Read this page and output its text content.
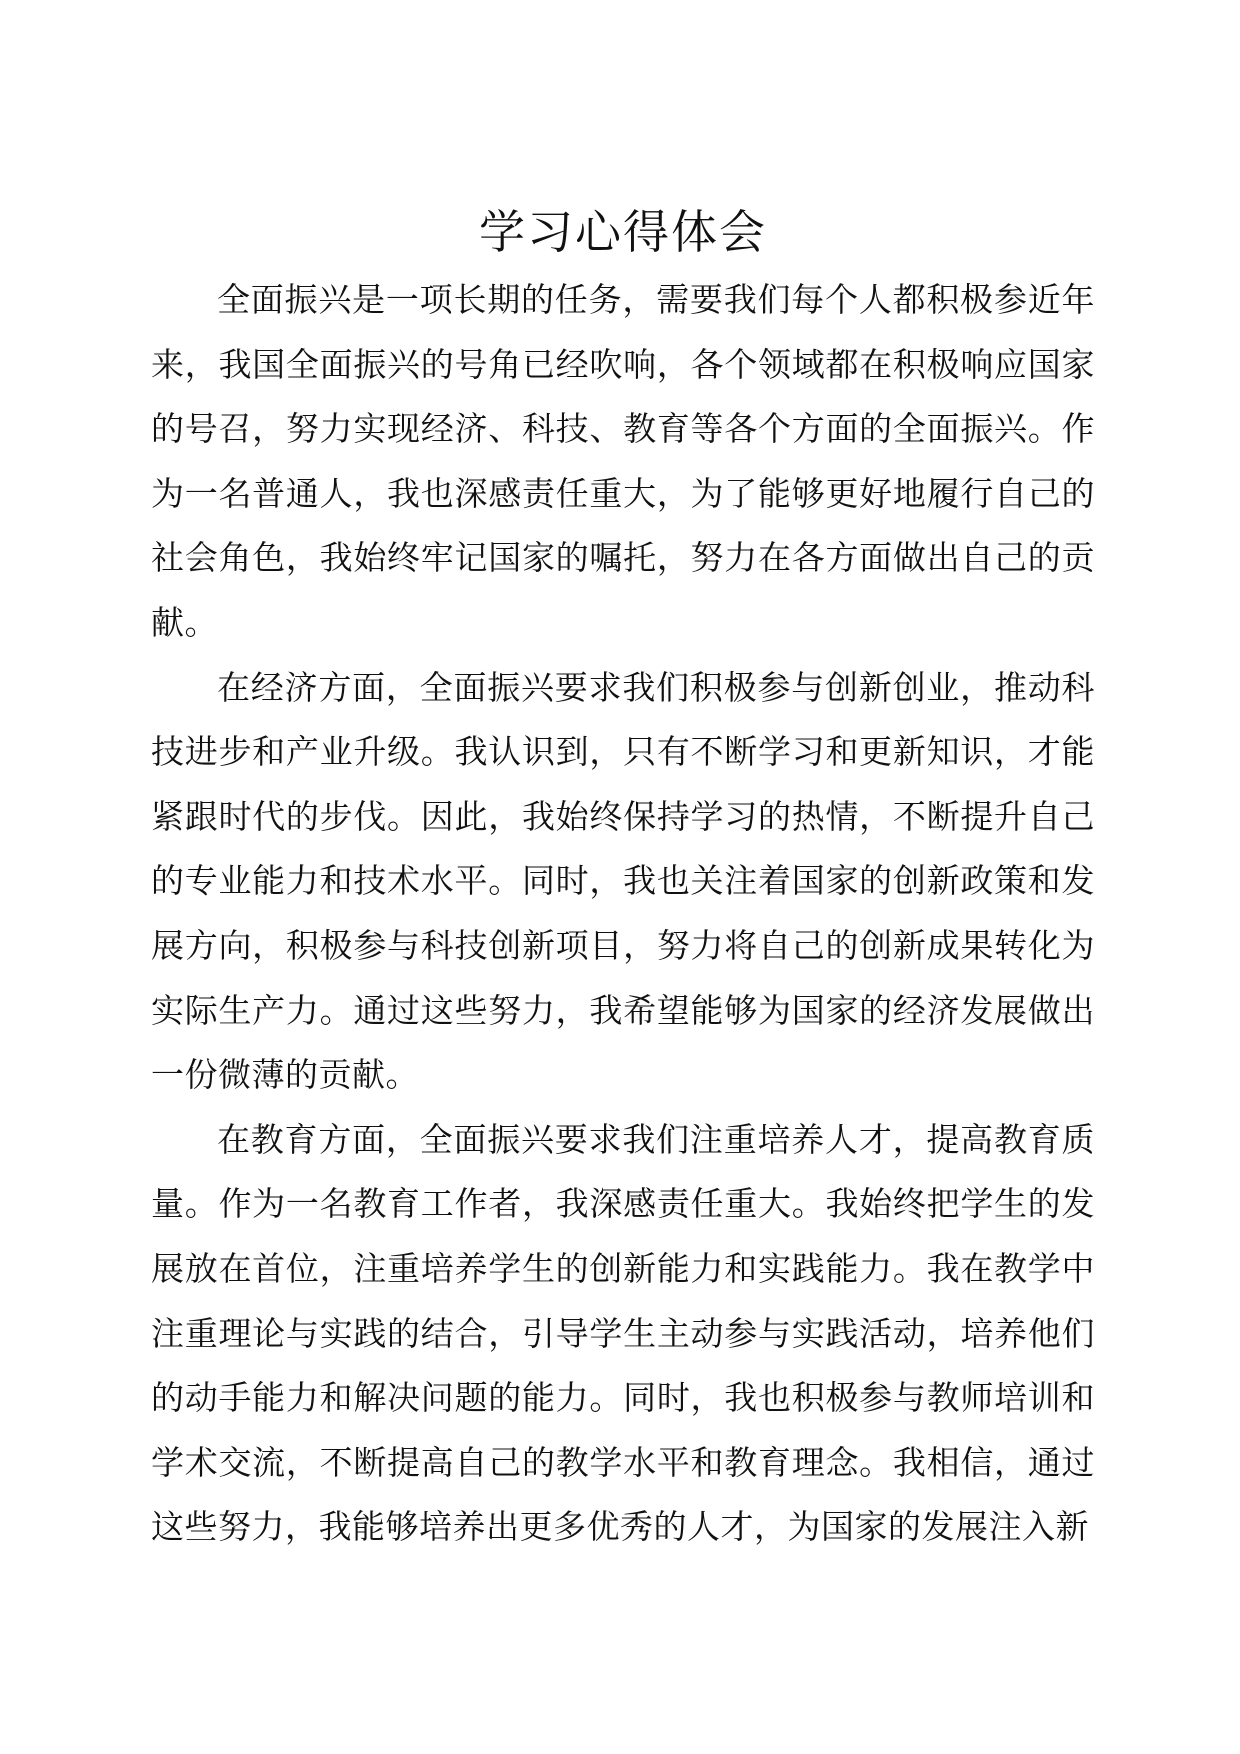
学习心得体会

全面振兴是一项长期的任务，需要我们每个人都积极参近年来，我国全面振兴的号角已经吹响，各个领域都在积极响应国家的号召，努力实现经济、科技、教育等各个方面的全面振兴。作为一名普通人，我也深感责任重大，为了能够更好地履行自己的社会角色，我始终牢记国家的嘱托，努力在各方面做出自己的贡献。

在经济方面，全面振兴要求我们积极参与创新创业，推动科技进步和产业升级。我认识到，只有不断学习和更新知识，才能紧跟时代的步伐。因此，我始终保持学习的热情，不断提升自己的专业能力和技术水平。同时，我也关注着国家的创新政策和发展方向，积极参与科技创新项目，努力将自己的创新成果转化为实际生产力。通过这些努力，我希望能够为国家的经济发展做出一份微薄的贡献。

在教育方面，全面振兴要求我们注重培养人才，提高教育质量。作为一名教育工作者，我深感责任重大。我始终把学生的发展放在首位，注重培养学生的创新能力和实践能力。我在教学中注重理论与实践的结合，引导学生主动参与实践活动，培养他们的动手能力和解决问题的能力。同时，我也积极参与教师培训和学术交流，不断提高自己的教学水平和教育理念。我相信，通过这些努力，我能够培养出更多优秀的人才，为国家的发展注入新
